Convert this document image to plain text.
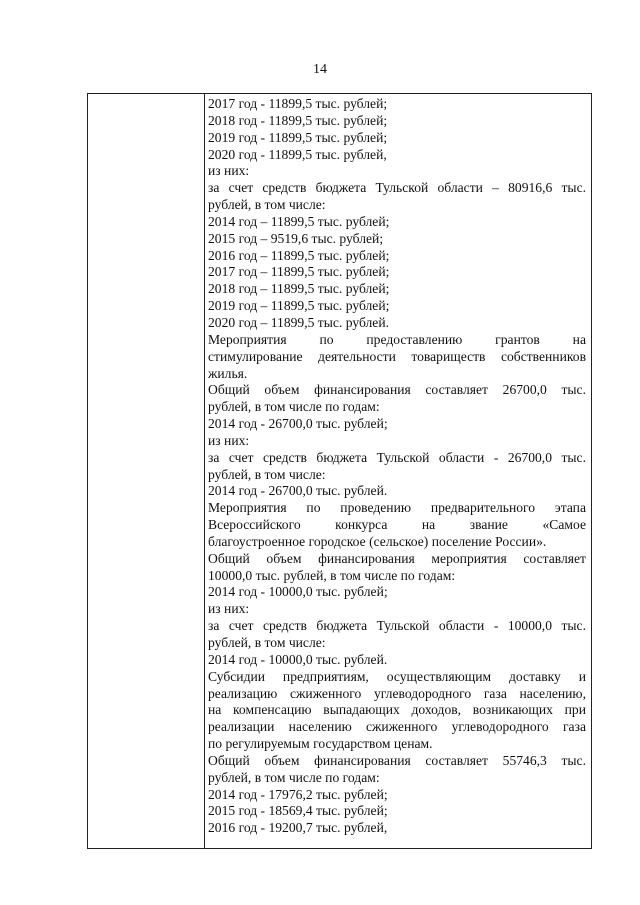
14
2017 год - 11899,5 тыс. рублей;
2018 год - 11899,5 тыс. рублей;
2019 год - 11899,5 тыс. рублей;
2020 год - 11899,5 тыс. рублей,
из них:
за счет средств бюджета Тульской области – 80916,6 тыс.
рублей, в том числе:
2014 год – 11899,5 тыс. рублей;
2015 год – 9519,6 тыс. рублей;
2016 год – 11899,5 тыс. рублей;
2017 год – 11899,5 тыс. рублей;
2018 год – 11899,5 тыс. рублей;
2019 год – 11899,5 тыс. рублей;
2020 год – 11899,5 тыс. рублей.
Мероприятия по предоставлению грантов на
стимулирование деятельности товариществ собственников
жилья.
Общий объем финансирования составляет 26700,0 тыс.
рублей, в том числе по годам:
2014 год - 26700,0 тыс. рублей;
из них:
за счет средств бюджета Тульской области - 26700,0 тыс.
рублей, в том числе:
2014 год - 26700,0 тыс. рублей.
Мероприятия по проведению предварительного этапа
Всероссийского конкурса на звание «Самое
благоустроенное городское (сельское) поселение России».
Общий объем финансирования мероприятия составляет
10000,0 тыс. рублей, в том числе по годам:
2014 год - 10000,0 тыс. рублей;
из них:
за счет средств бюджета Тульской области - 10000,0 тыс.
рублей, в том числе:
2014 год - 10000,0 тыс. рублей.
Субсидии предприятиям, осуществляющим доставку и
реализацию сжиженного углеводородного газа населению,
на компенсацию выпадающих доходов, возникающих при
реализации населению сжиженного углеводородного газа
по регулируемым государством ценам.
Общий объем финансирования составляет 55746,3 тыс.
рублей, в том числе по годам:
2014 год - 17976,2 тыс. рублей;
2015 год - 18569,4 тыс. рублей;
2016 год - 19200,7 тыс. рублей,
